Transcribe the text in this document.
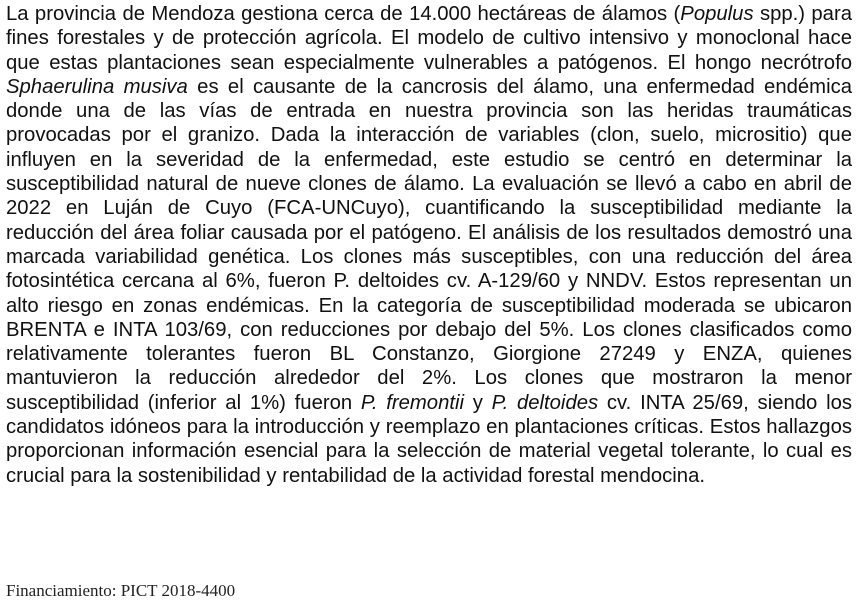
La provincia de Mendoza gestiona cerca de 14.000 hectáreas de álamos (Populus spp.) para fines forestales y de protección agrícola. El modelo de cultivo intensivo y monoclonal hace que estas plantaciones sean especialmente vulnerables a patógenos. El hongo necrótrofo Sphaerulina musiva es el causante de la cancrosis del álamo, una enfermedad endémica donde una de las vías de entrada en nuestra provincia son las heridas traumáticas provocadas por el granizo. Dada la interacción de variables (clon, suelo, micrositio) que influyen en la severidad de la enfermedad, este estudio se centró en determinar la susceptibilidad natural de nueve clones de álamo. La evaluación se llevó a cabo en abril de 2022 en Luján de Cuyo (FCA-UNCuyo), cuantificando la susceptibilidad mediante la reducción del área foliar causada por el patógeno. El análisis de los resultados demostró una marcada variabilidad genética. Los clones más susceptibles, con una reducción del área fotosintética cercana al 6%, fueron P. deltoides cv. A-129/60 y NNDV. Estos representan un alto riesgo en zonas endémicas. En la categoría de susceptibilidad moderada se ubicaron BRENTA e INTA 103/69, con reducciones por debajo del 5%. Los clones clasificados como relativamente tolerantes fueron BL Constanzo, Giorgione 27249 y ENZA, quienes mantuvieron la reducción alrededor del 2%. Los clones que mostraron la menor susceptibilidad (inferior al 1%) fueron P. fremontii y P. deltoides cv. INTA 25/69, siendo los candidatos idóneos para la introducción y reemplazo en plantaciones críticas. Estos hallazgos proporcionan información esencial para la selección de material vegetal tolerante, lo cual es crucial para la sostenibilidad y rentabilidad de la actividad forestal mendocina.

Financiamiento: PICT 2018-4400
